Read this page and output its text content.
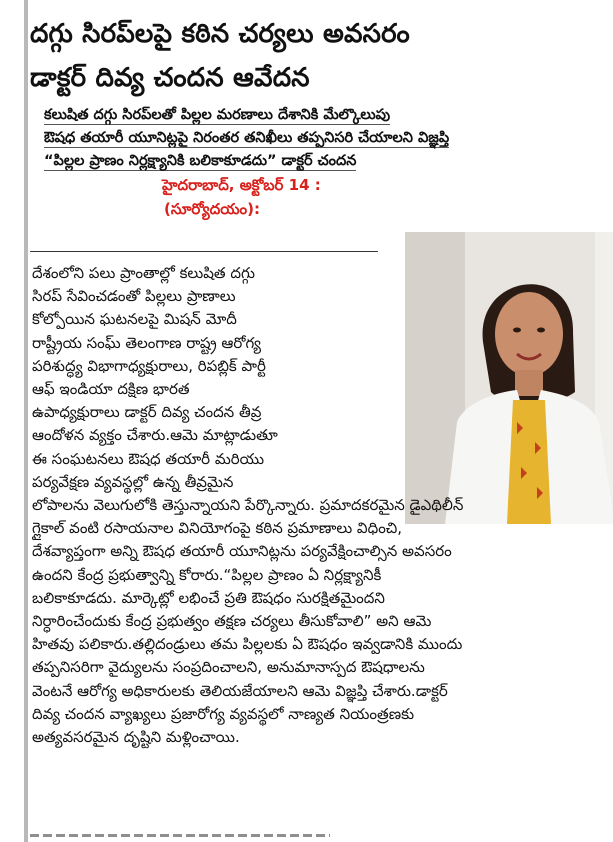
దగ్గు సిరప్‌లపై కఠిన చర్యలు అవసరం
డాక్టర్ దివ్య చందన ఆవేదన
కలుషిత దగ్గు సిరప్‌లతో పిల్లల మరణాలు దేశానికి మేల్కొలుపు
ఔషధ తయారీ యూనిట్లపై నిరంతర తనిఖీలు తప్పనిసరి చేయాలని విజ్ఞప్తి
“పిల్లల ప్రాణం నిర్లక్ష్యానికి బలికాకూడదు” డాక్టర్ చందన
హైదరాబాద్, అక్టోబర్ 14 :
(సూర్యోదయం):
దేశంలోని పలు ప్రాంతాల్లో కలుషిత దగ్గు
సిరప్ సేవించడంతో పిల్లలు ప్రాణాలు
కోల్పోయిన ఘటనలపై మిషన్ మోదీ
రాష్ట్రీయ సంఘ్ తెలంగాణ రాష్ట్ర ఆరోగ్య
పరిశుద్ధ్య విభాగాధ్యక్షురాలు, రిపబ్లిక్ పార్టీ
ఆఫ్ ఇండియా దక్షిణ భారత
ఉపాధ్యక్షురాలు డాక్టర్ దివ్య చందన తీవ్ర
ఆందోళన వ్యక్తం చేశారు.ఆమె మాట్లాడుతూ
ఈ సంఘటనలు ఔషధ తయారీ మరియు
పర్యవేక్షణ వ్యవస్థల్లో ఉన్న తీవ్రమైన
లోపాలను వెలుగులోకి తెస్తున్నాయని పేర్కొన్నారు. ప్రమాదకరమైన డైఎథిలీన్
గ్లైకాల్ వంటి రసాయనాల వినియోగంపై కఠిన ప్రమాణాలు విధించి,
దేశవ్యాప్తంగా అన్ని ఔషధ తయారీ యూనిట్లను పర్యవేక్షించాల్సిన అవసరం
ఉందని కేంద్ర ప్రభుత్వాన్ని కోరారు.“పిల్లల ప్రాణం ఏ నిర్లక్ష్యానికీ
బలికాకూడదు. మార్కెట్లో లభించే ప్రతి ఔషధం సురక్షితమైందని
నిర్ధారించేందుకు కేంద్ర ప్రభుత్వం తక్షణ చర్యలు తీసుకోవాలి” అని ఆమె
హితవు పలికారు.తల్లిదండ్రులు తమ పిల్లలకు ఏ ఔషధం ఇవ్వడానికి ముందు
తప్పనిసరిగా వైద్యులను సంప్రదించాలని, అనుమానాస్పద ఔషధాలను
వెంటనే ఆరోగ్య అధికారులకు తెలియజేయాలని ఆమె విజ్ఞప్తి చేశారు.డాక్టర్
దివ్య చందన వ్యాఖ్యలు ప్రజారోగ్య వ్యవస్థలో నాణ్యత నియంత్రణకు
అత్యవసరమైన దృష్టిని మళ్లించాయి.
